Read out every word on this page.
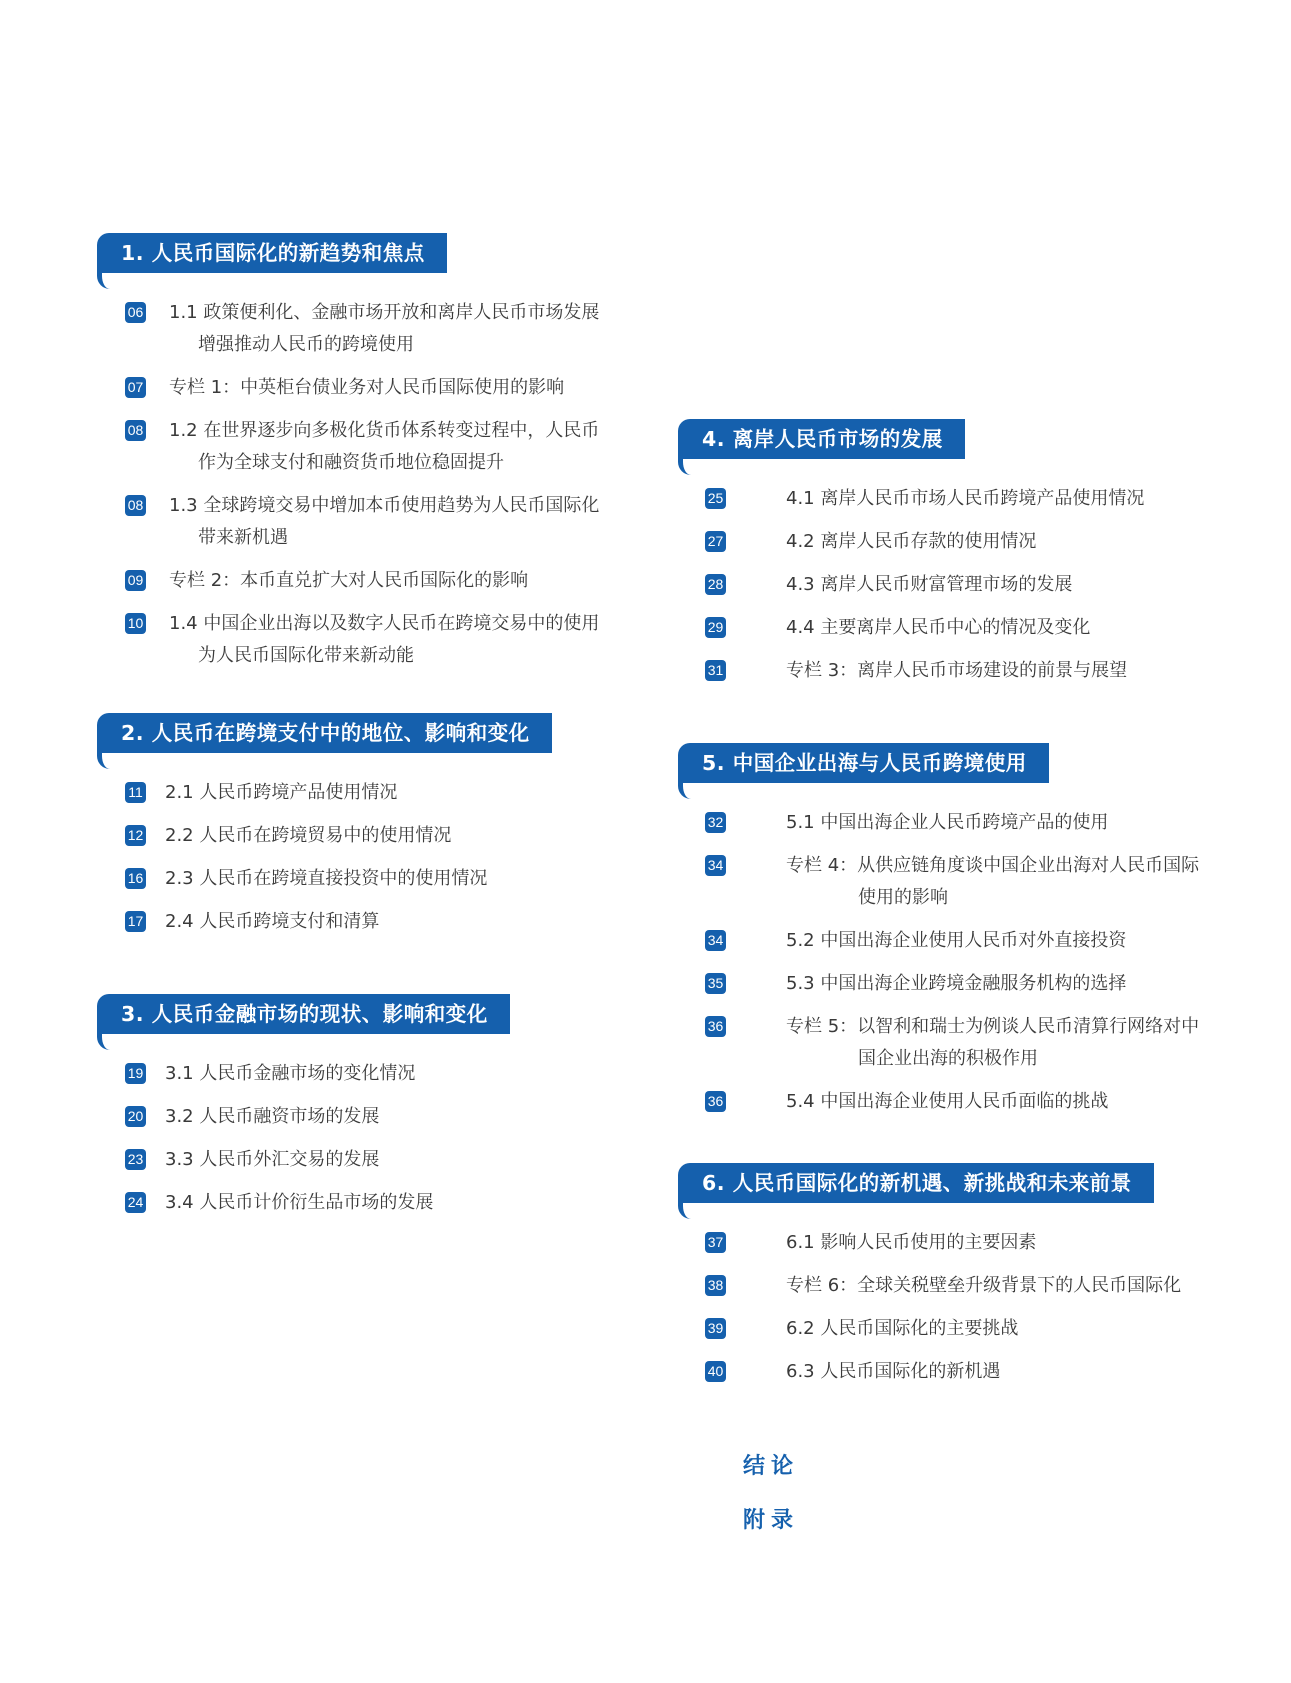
1. 人民币国际化的新趋势和焦点
06 1.1 政策便利化、金融市场开放和离岸人民币市场发展
增强推动人民币的跨境使用
07 专栏 1：中英柜台债业务对人民币国际使用的影响
08 1.2 在世界逐步向多极化货币体系转变过程中，人民币
作为全球支付和融资货币地位稳固提升
08 1.3 全球跨境交易中增加本币使用趋势为人民币国际化
带来新机遇
09 专栏 2：本币直兑扩大对人民币国际化的影响
10 1.4 中国企业出海以及数字人民币在跨境交易中的使用
为人民币国际化带来新动能
2. 人民币在跨境支付中的地位、影响和变化
11 2.1 人民币跨境产品使用情况
12 2.2 人民币在跨境贸易中的使用情况
16 2.3 人民币在跨境直接投资中的使用情况
17 2.4 人民币跨境支付和清算
3. 人民币金融市场的现状、影响和变化
19 3.1 人民币金融市场的变化情况
20 3.2 人民币融资市场的发展
23 3.3 人民币外汇交易的发展
24 3.4 人民币计价衍生品市场的发展
4. 离岸人民币市场的发展
25	4.1 离岸人民币市场人民币跨境产品使用情况
27	4.2 离岸人民币存款的使用情况
28	4.3 离岸人民币财富管理市场的发展
29	4.4 主要离岸人民币中心的情况及变化
31	专栏 3：离岸人民币市场建设的前景与展望
5. 中国企业出海与人民币跨境使用
32	5.1 中国出海企业人民币跨境产品的使用
34	专栏 4：从供应链角度谈中国企业出海对人民币国际
使用的影响
34	5.2 中国出海企业使用人民币对外直接投资
35	5.3 中国出海企业跨境金融服务机构的选择
36	专栏 5：以智利和瑞士为例谈人民币清算行网络对中
国企业出海的积极作用
36	5.4 中国出海企业使用人民币面临的挑战
6. 人民币国际化的新机遇、新挑战和未来前景
37	6.1 影响人民币使用的主要因素
38	专栏 6：全球关税壁垒升级背景下的人民币国际化
39	6.2 人民币国际化的主要挑战
40	6.3 人民币国际化的新机遇
结论
附录
